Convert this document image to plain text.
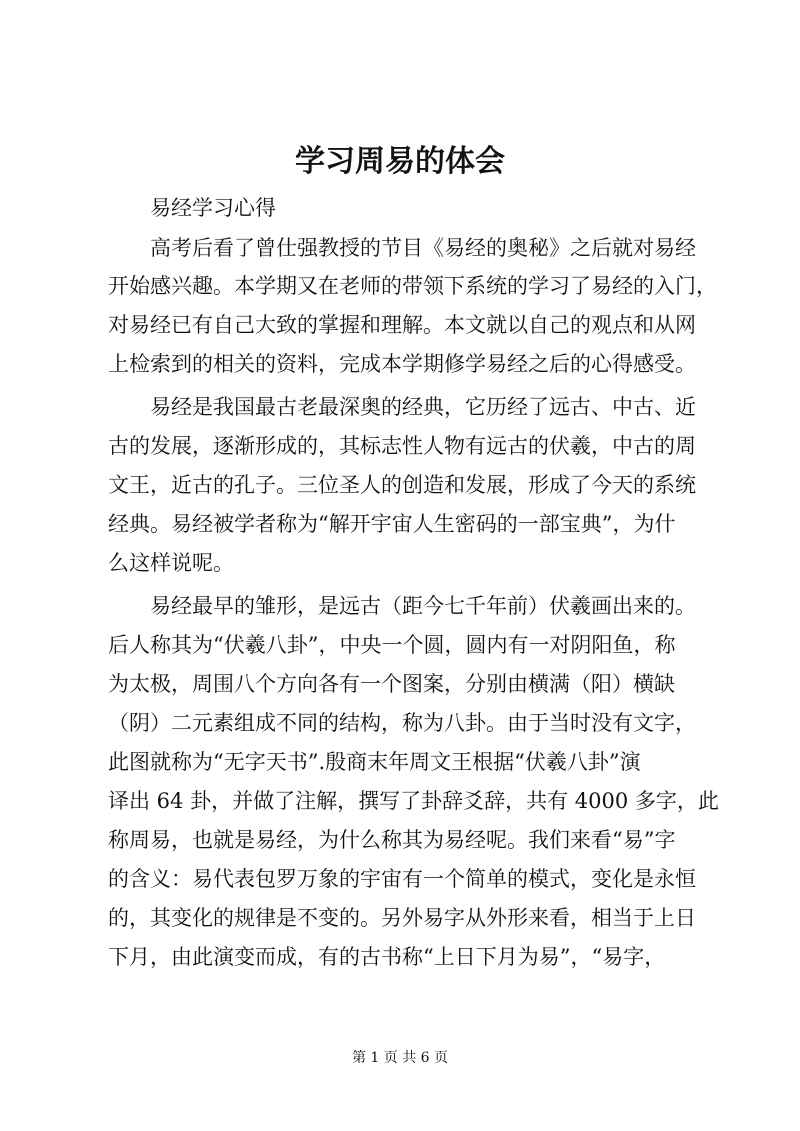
学习周易的体会

易经学习心得

高考后看了曾仕强教授的节目《易经的奥秘》之后就对易经

开始感兴趣。本学期又在老师的带领下系统的学习了易经的入门，

对易经已有自己大致的掌握和理解。本文就以自己的观点和从网

上检索到的相关的资料，完成本学期修学易经之后的心得感受。

易经是我国最古老最深奥的经典，它历经了远古、中古、近

古的发展，逐渐形成的，其标志性人物有远古的伏羲，中古的周

文王，近古的孔子。三位圣人的创造和发展，形成了今天的系统

经典。易经被学者称为“解开宇宙人生密码的一部宝典”，为什

么这样说呢。

易经最早的雏形，是远古（距今七千年前）伏羲画出来的。

后人称其为“伏羲八卦”，中央一个圆，圆内有一对阴阳鱼，称

为太极，周围八个方向各有一个图案，分别由横满（阳）横缺

（阴）二元素组成不同的结构，称为八卦。由于当时没有文字，

此图就称为“无字天书”.殷商末年周文王根据“伏羲八卦”演

译出 64 卦，并做了注解，撰写了卦辞爻辞，共有 4000 多字，此

称周易，也就是易经，为什么称其为易经呢。我们来看“易”字

的含义：易代表包罗万象的宇宙有一个简单的模式，变化是永恒

的，其变化的规律是不变的。另外易字从外形来看，相当于上日

下月，由此演变而成，有的古书称“上日下月为易”，“易字，

第 1 页 共 6 页
